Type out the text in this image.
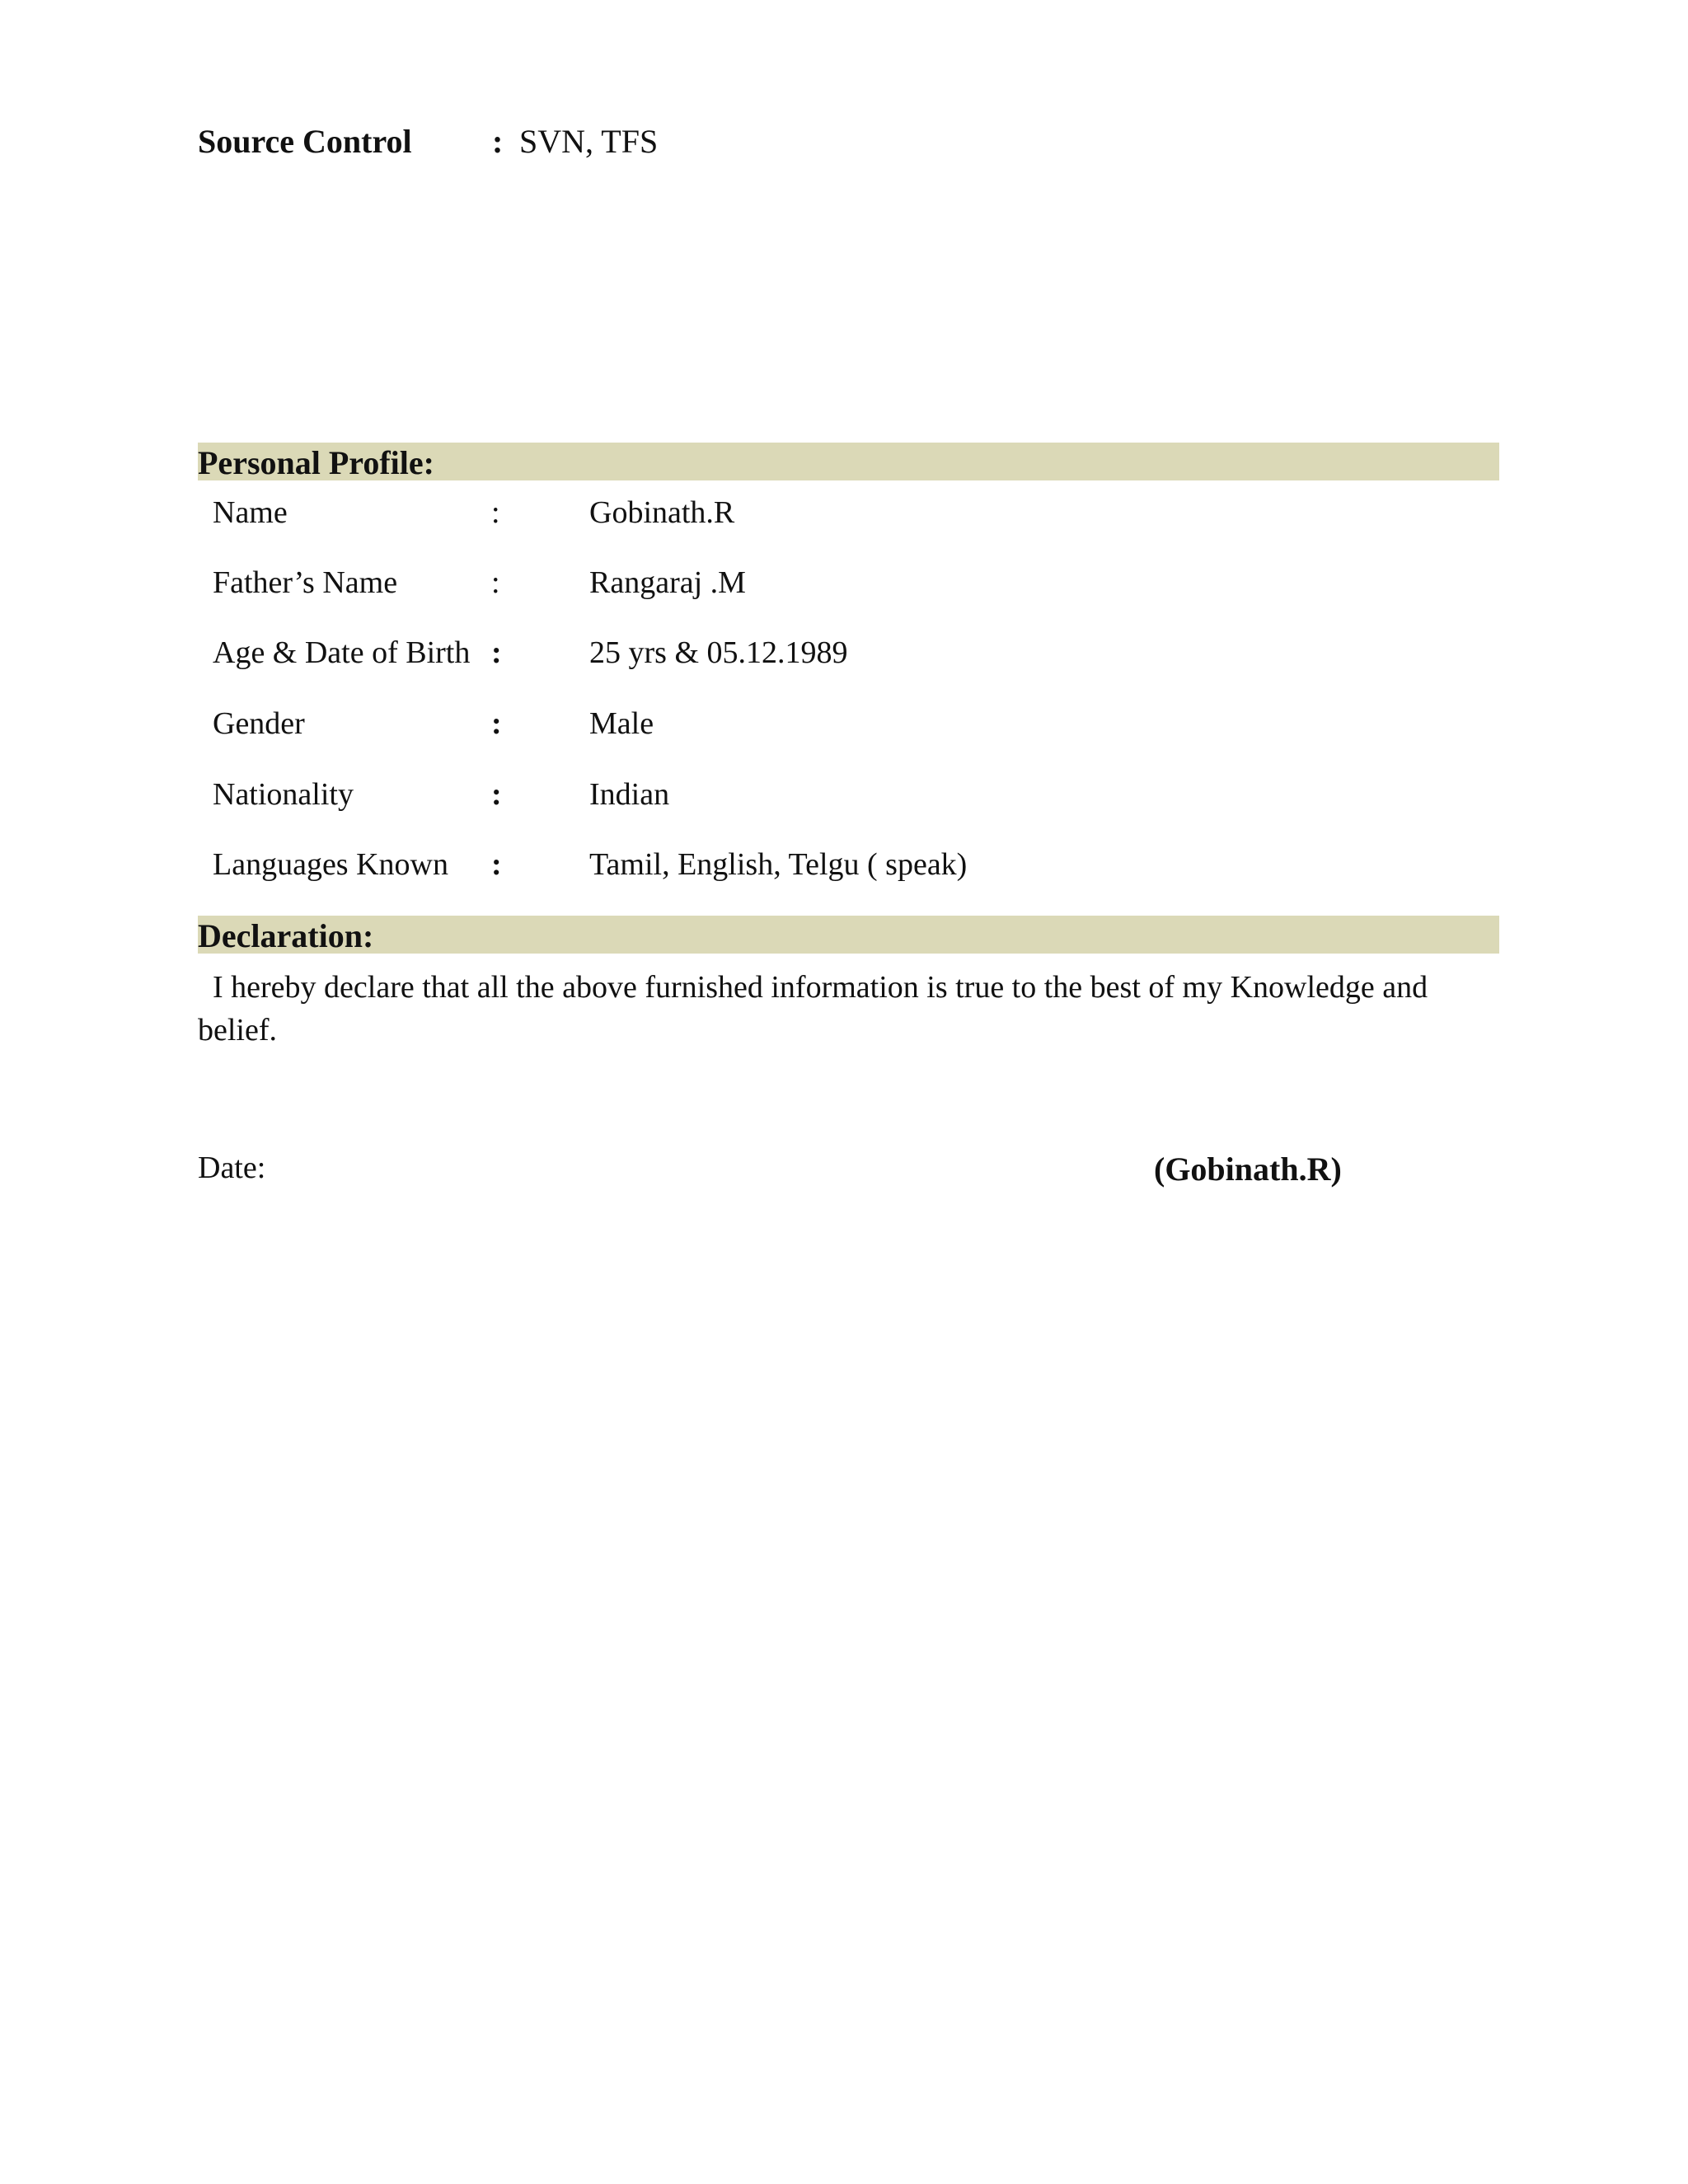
Source Control : SVN, TFS
Personal Profile:
Name	:	Gobinath.R
Father’s Name	:	Rangaraj .M
Age & Date of Birth :	25 yrs & 05.12.1989
Gender	:	Male
Nationality	:	Indian
Languages Known :	Tamil, English, Telgu ( speak)
Declaration:
I hereby declare that all the above furnished information is true to the best of my Knowledge and belief.
Date:	(Gobinath.R)
